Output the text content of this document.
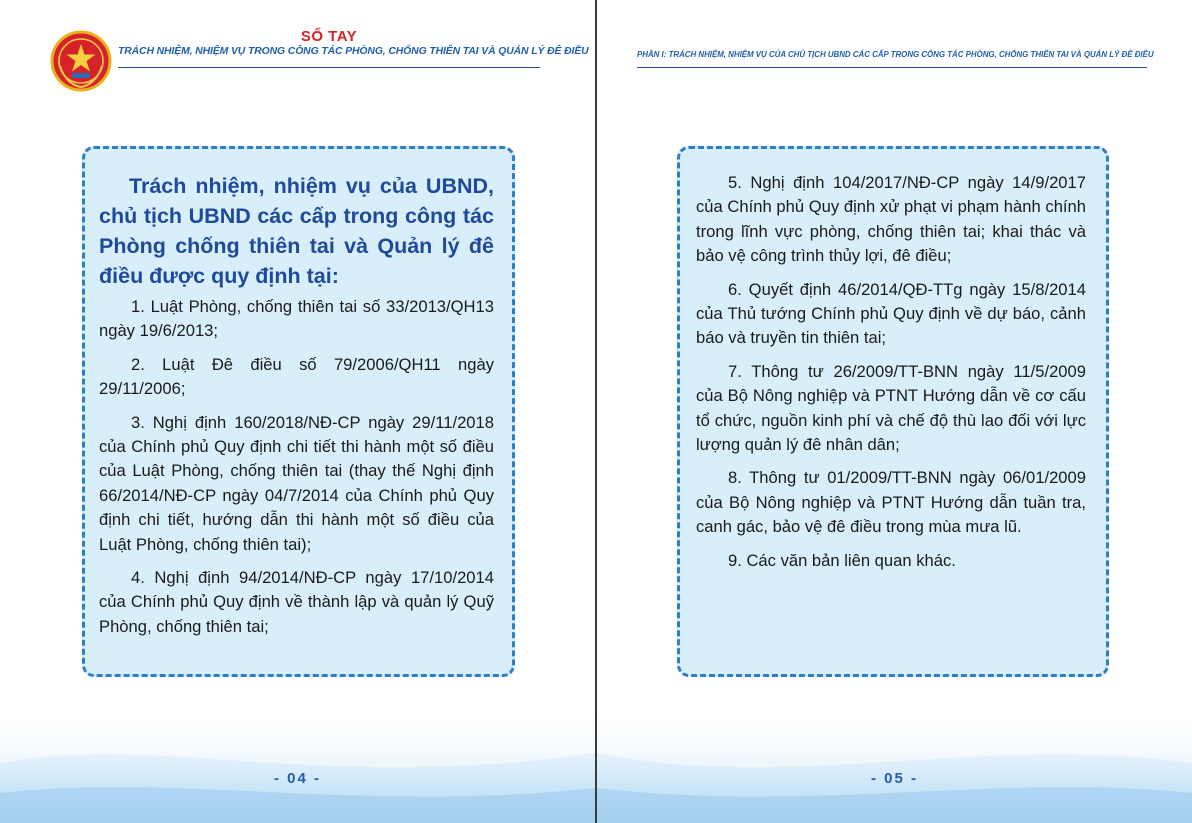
SỔ TAY
TRÁCH NHIỆM, NHIỆM VỤ TRONG CÔNG TÁC PHÒNG, CHỐNG THIÊN TAI VÀ QUẢN LÝ ĐÊ ĐIỀU

Trách nhiệm, nhiệm vụ của UBND, chủ tịch UBND các cấp trong công tác Phòng chống thiên tai và Quản lý đê điều được quy định tại:

1. Luật Phòng, chống thiên tai số 33/2013/QH13 ngày 19/6/2013;

2. Luật Đê điều số 79/2006/QH11 ngày 29/11/2006;

3. Nghị định 160/2018/NĐ-CP ngày 29/11/2018 của Chính phủ Quy định chi tiết thi hành một số điều của Luật Phòng, chống thiên tai (thay thế Nghị định 66/2014/NĐ-CP ngày 04/7/2014 của Chính phủ Quy định chi tiết, hướng dẫn thi hành một số điều của Luật Phòng, chống thiên tai);

4. Nghị định 94/2014/NĐ-CP ngày 17/10/2014 của Chính phủ Quy định về thành lập và quản lý Quỹ Phòng, chống thiên tai;

- 04 -
PHẦN I: TRÁCH NHIỆM, NHIỆM VỤ CỦA CHỦ TỊCH UBND CÁC CẤP TRONG CÔNG TÁC PHÒNG, CHỐNG THIÊN TAI VÀ QUẢN LÝ ĐÊ ĐIỀU

5. Nghị định 104/2017/NĐ-CP ngày 14/9/2017 của Chính phủ Quy định xử phạt vi phạm hành chính trong lĩnh vực phòng, chống thiên tai; khai thác và bảo vệ công trình thủy lợi, đê điều;

6. Quyết định 46/2014/QĐ-TTg ngày 15/8/2014 của Thủ tướng Chính phủ Quy định về dự báo, cảnh báo và truyền tin thiên tai;

7. Thông tư 26/2009/TT-BNN ngày 11/5/2009 của Bộ Nông nghiệp và PTNT Hướng dẫn về cơ cấu tổ chức, nguồn kinh phí và chế độ thù lao đối với lực lượng quản lý đê nhân dân;

8. Thông tư 01/2009/TT-BNN ngày 06/01/2009 của Bộ Nông nghiệp và PTNT Hướng dẫn tuần tra, canh gác, bảo vệ đê điều trong mùa mưa lũ.

9. Các văn bản liên quan khác.

- 05 -
